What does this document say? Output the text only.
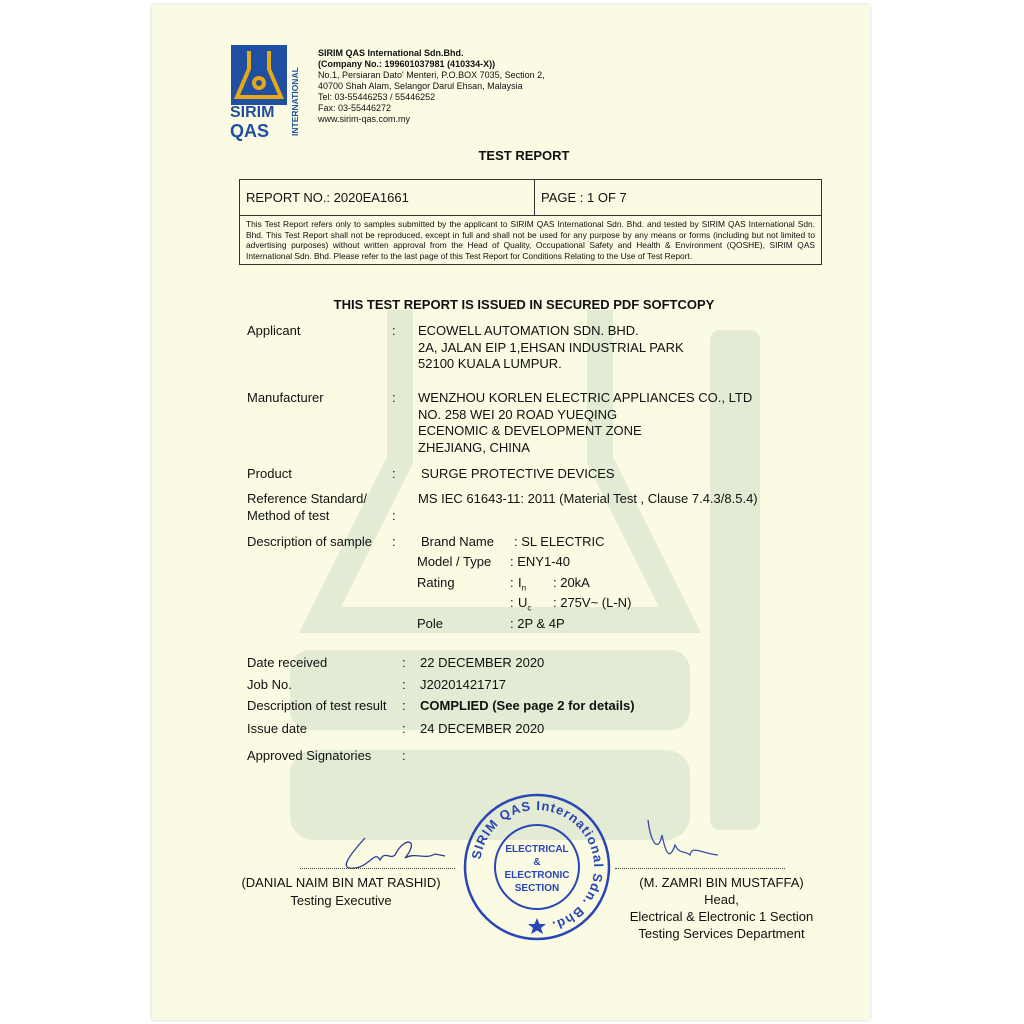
SIRIM
QAS INTERNATIONAL
SIRIM QAS International Sdn.Bhd.
(Company No.: 199601037981 (410334-X))
No.1, Persiaran Dato' Menteri, P.O.BOX 7035, Section 2,
40700 Shah Alam, Selangor Darul Ehsan, Malaysia
Tel: 03-55446253 / 55446252
Fax: 03-55446272
www.sirim-qas.com.my
TEST REPORT
REPORT NO.: 2020EA1661	PAGE : 1 OF 7
This Test Report refers only to samples submitted by the applicant to SIRIM QAS International Sdn. Bhd. and tested by SIRIM QAS International Sdn. Bhd. This Test Report shall not be reproduced, except in full and shall not be used for any purpose by any means or forms (including but not limited to advertising purposes) without written approval from the Head of Quality, Occupational Safety and Health & Environment (QOSHE), SIRIM QAS International Sdn. Bhd. Please refer to the last page of this Test Report for Conditions Relating to the Use of Test Report.
THIS TEST REPORT IS ISSUED IN SECURED PDF SOFTCOPY
Applicant	:	ECOWELL AUTOMATION SDN. BHD.
2A, JALAN EIP 1,EHSAN INDUSTRIAL PARK
52100 KUALA LUMPUR.
Manufacturer	:	WENZHOU KORLEN ELECTRIC APPLIANCES CO., LTD
NO. 258 WEI 20 ROAD YUEQING
ECENOMIC & DEVELOPMENT ZONE
ZHEJIANG, CHINA
Product	:	SURGE PROTECTIVE DEVICES
Reference Standard/
Method of test	:
MS IEC 61643-11: 2011 (Material Test , Clause 7.4.3/8.5.4)
Description of sample	:	Brand Name	: SL ELECTRIC
Model / Type : ENY1-40
Rating	: $I_n$ : 20kA
: $U_c$ : 275V~ (L-N)
Pole	: 2P & 4P
Date received	:	22 DECEMBER 2020
Job No.	:	J20201421717
Description of test result	:	COMPLIED (See page 2 for details)
Issue date	:	24 DECEMBER 2020
Approved Signatories	:
(DANIAL NAIM BIN MAT RASHID)
Testing Executive
(M. ZAMRI BIN MUSTAFFA)
Head,
Electrical & Electronic 1 Section
Testing Services Department
SIRIM QAS International Sdn. Bhd.
ELECTRICAL
&
ELECTRONIC
SECTION
